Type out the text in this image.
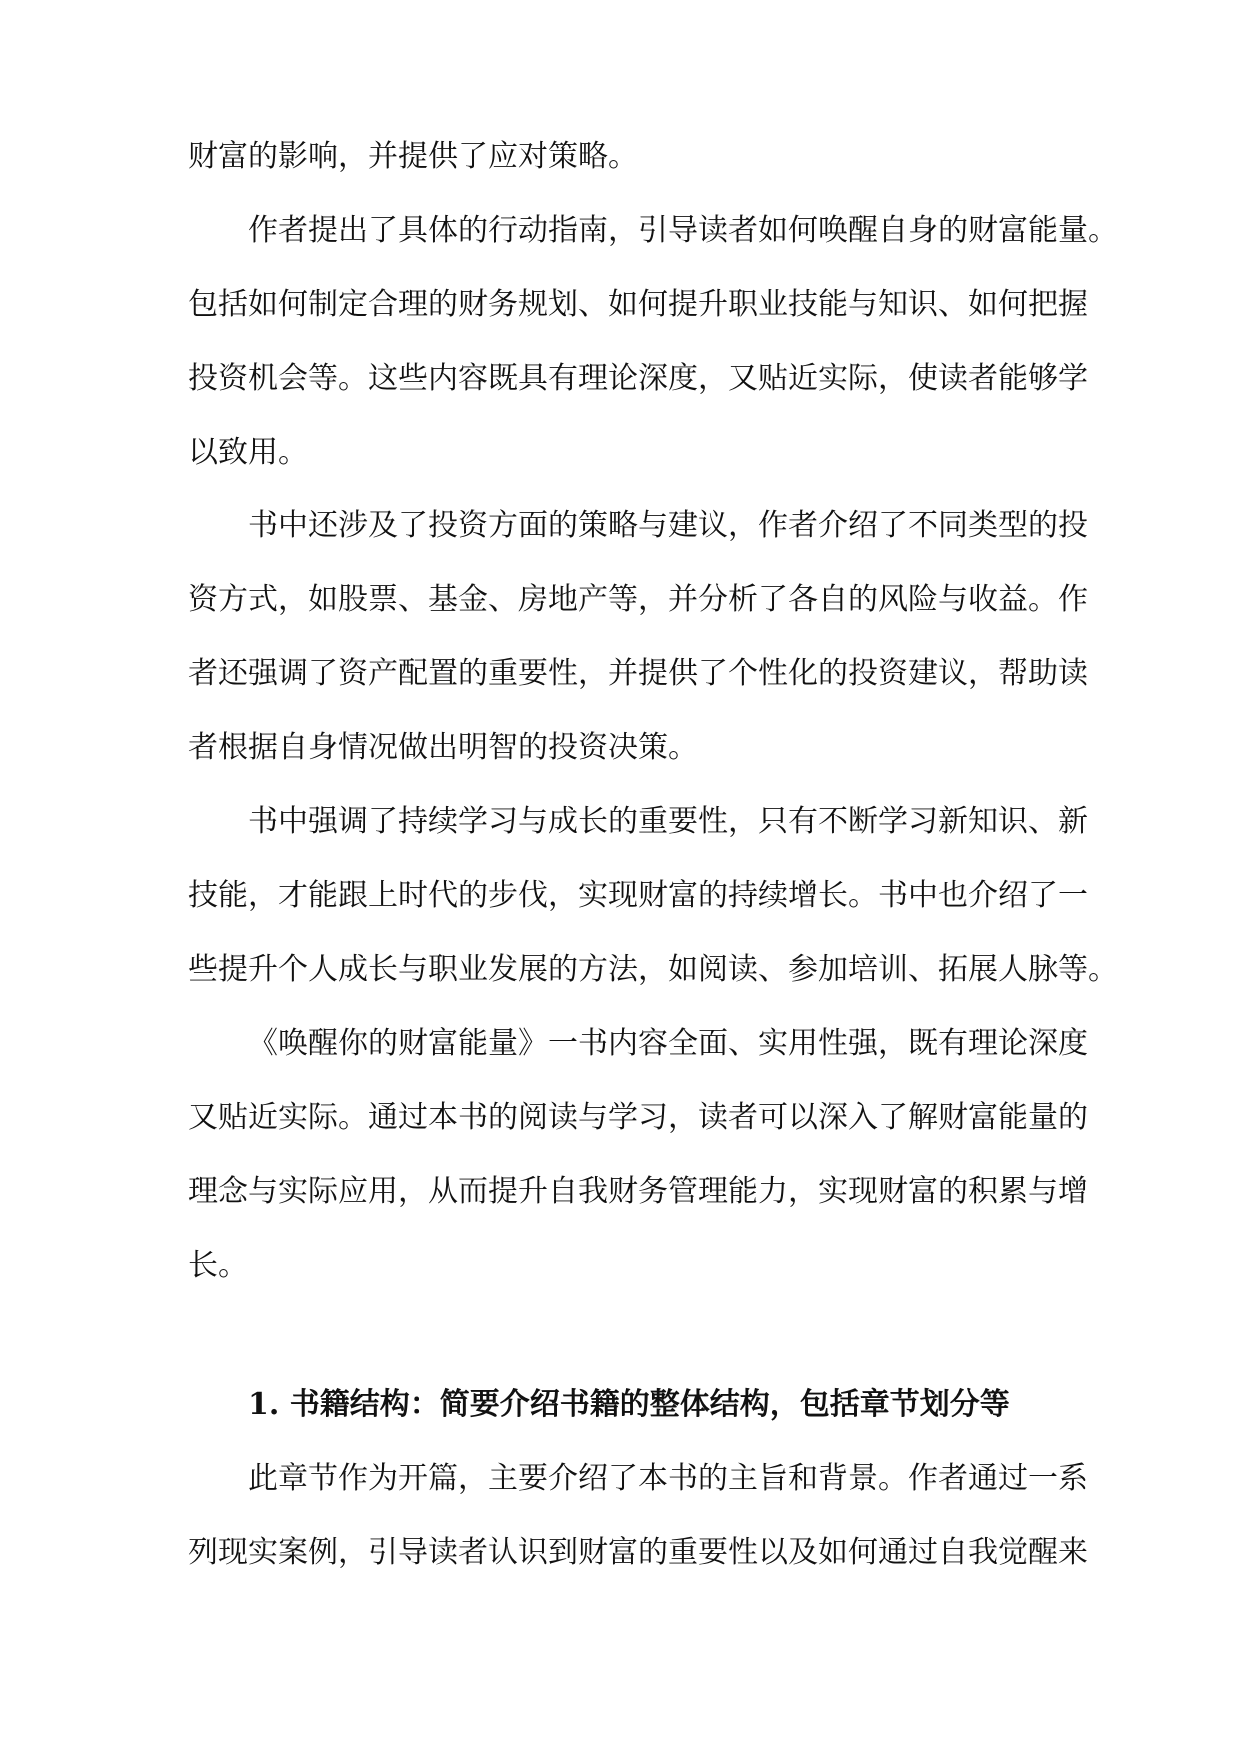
财富的影响，并提供了应对策略。
作者提出了具体的行动指南，引导读者如何唤醒自身的财富能量。
包括如何制定合理的财务规划、如何提升职业技能与知识、如何把握
投资机会等。这些内容既具有理论深度，又贴近实际，使读者能够学
以致用。
书中还涉及了投资方面的策略与建议，作者介绍了不同类型的投
资方式，如股票、基金、房地产等，并分析了各自的风险与收益。作
者还强调了资产配置的重要性，并提供了个性化的投资建议，帮助读
者根据自身情况做出明智的投资决策。
书中强调了持续学习与成长的重要性，只有不断学习新知识、新
技能，才能跟上时代的步伐，实现财富的持续增长。书中也介绍了一
些提升个人成长与职业发展的方法，如阅读、参加培训、拓展人脉等。
《唤醒你的财富能量》一书内容全面、实用性强，既有理论深度
又贴近实际。通过本书的阅读与学习，读者可以深入了解财富能量的
理念与实际应用，从而提升自我财务管理能力，实现财富的积累与增
长。
1. 书籍结构：简要介绍书籍的整体结构，包括章节划分等
此章节作为开篇，主要介绍了本书的主旨和背景。作者通过一系
列现实案例，引导读者认识到财富的重要性以及如何通过自我觉醒来
